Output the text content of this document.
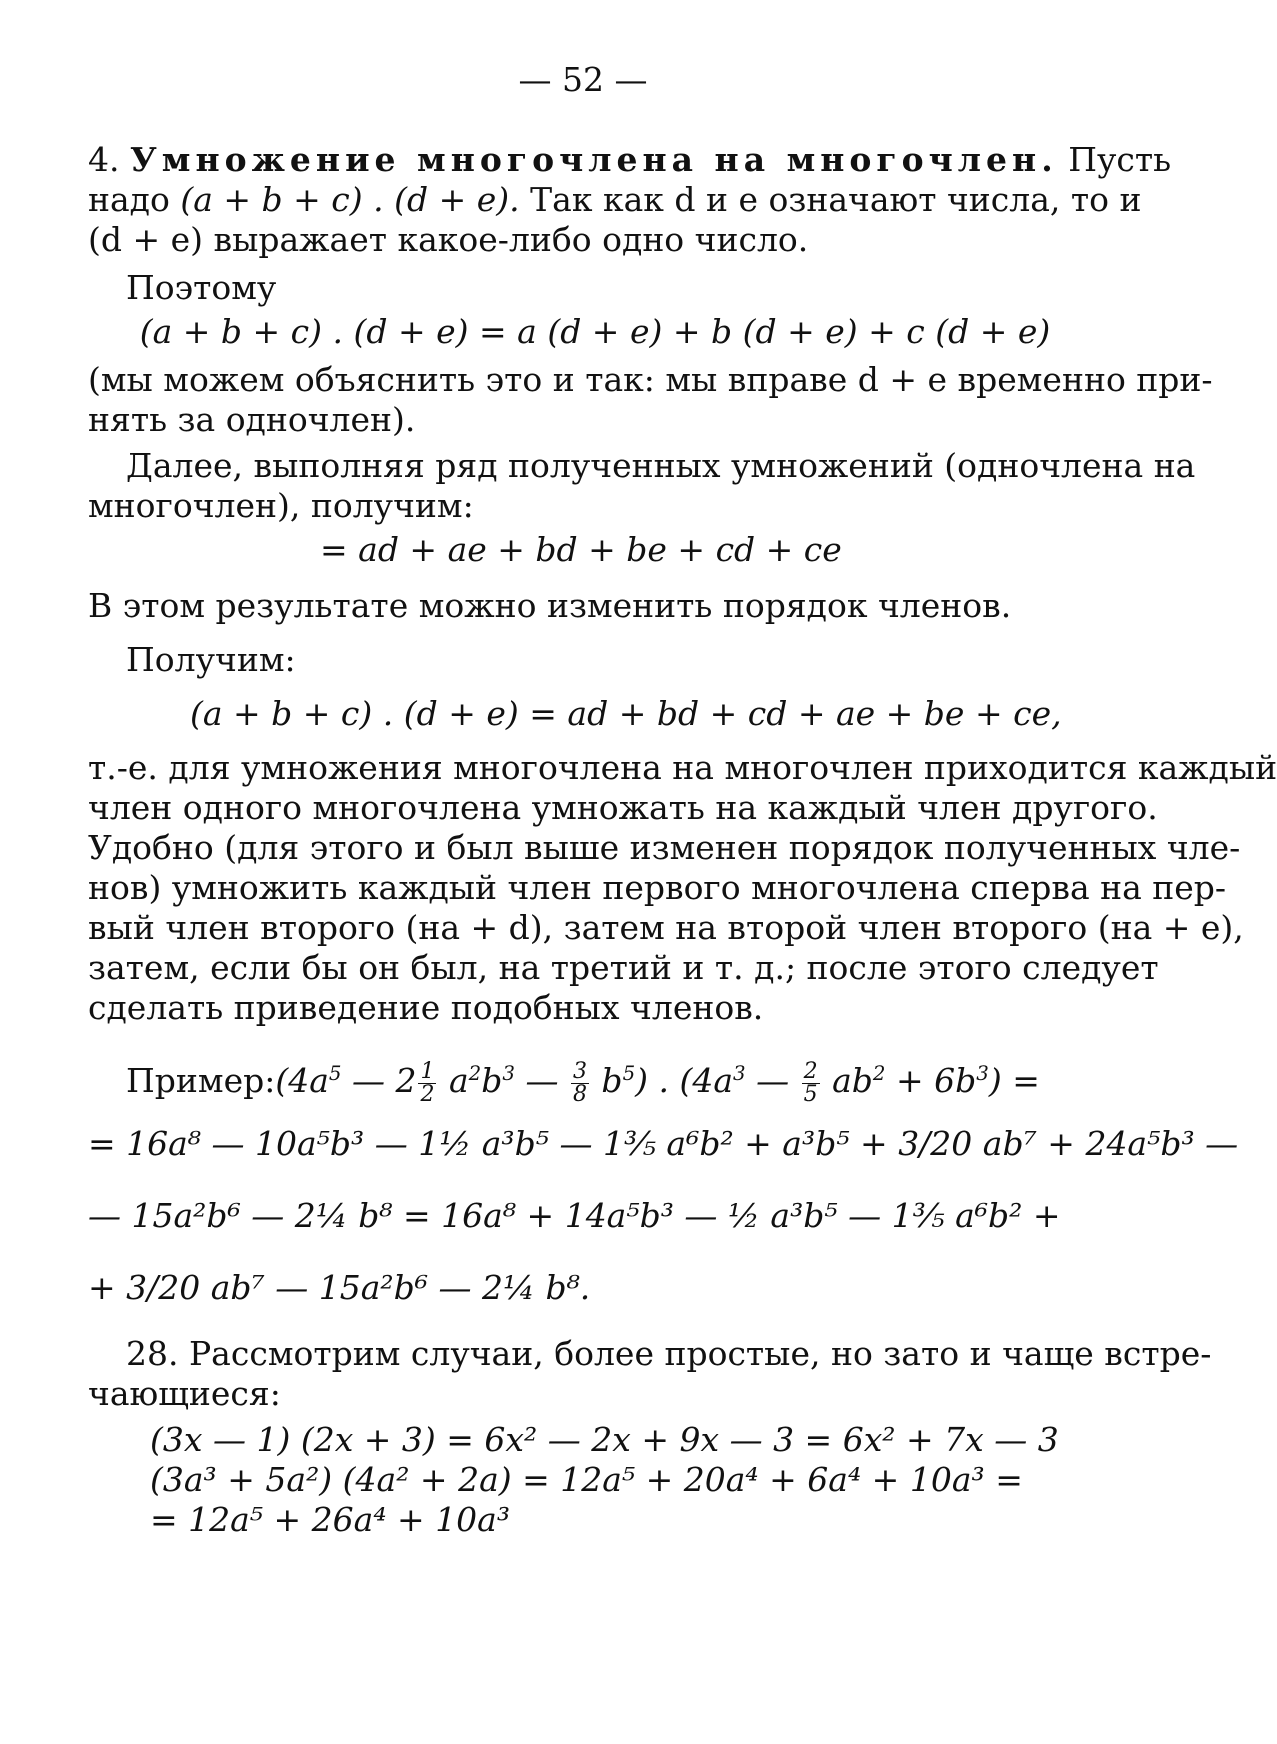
— 52 —
4. Умножение многочлена на многочлен. Пусть
надо (a + b + c) . (d + e). Так как d и e означают числа, то и
(d + e) выражает какое-либо одно число.
Поэтому
(a + b + c) . (d + e) = a (d + e) + b (d + e) + c (d + e)
(мы можем объяснить это и так: мы вправе d + e временно при-
нять за одночлен).
Далее, выполняя ряд полученных умножений (одночлена на
многочлен), получим:
= ad + ae + bd + be + cd + ce
В этом результате можно изменить порядок членов.
Получим:
(a + b + c) . (d + e) = ad + bd + cd + ae + be + ce,
т.-е. для умножения многочлена на многочлен приходится каждый
член одного многочлена умножать на каждый член другого.
Удобно (для этого и был выше изменен порядок полученных чле-
нов) умножить каждый член первого многочлена сперва на пер-
вый член второго (на + d), затем на второй член второго (на + e),
затем, если бы он был, на третий и т. д.; после этого следует
сделать приведение подобных членов.
$Пример:(4a^5$ — $2 \frac{1}{2} a^2b^3$ — $\frac{3}{8} b^5$) . ($4a^3$ — $\frac{2}{5} ab^2 + 6b^3$) =
= 16a⁸ — 10a⁵b³ — 1½ a³b⁵ — 1⅗ a⁶b² + a³b⁵ + 3/20 ab⁷ + 24a⁵b³ —
— 15a²b⁶ — 2¼ b⁸ = 16a⁸ + 14a⁵b³ — ½ a³b⁵ — 1⅗ a⁶b² +
+ 3/20 ab⁷ — 15a²b⁶ — 2¼ b⁸.
28. Рассмотрим случаи, более простые, но зато и чаще встре-
чающиеся:
(3x — 1) (2x + 3) = 6x² — 2x + 9x — 3 = 6x² + 7x — 3
(3a³ + 5a²) (4a² + 2a) = 12a⁵ + 20a⁴ + 6a⁴ + 10a³ =
= 12a⁵ + 26a⁴ + 10a³
